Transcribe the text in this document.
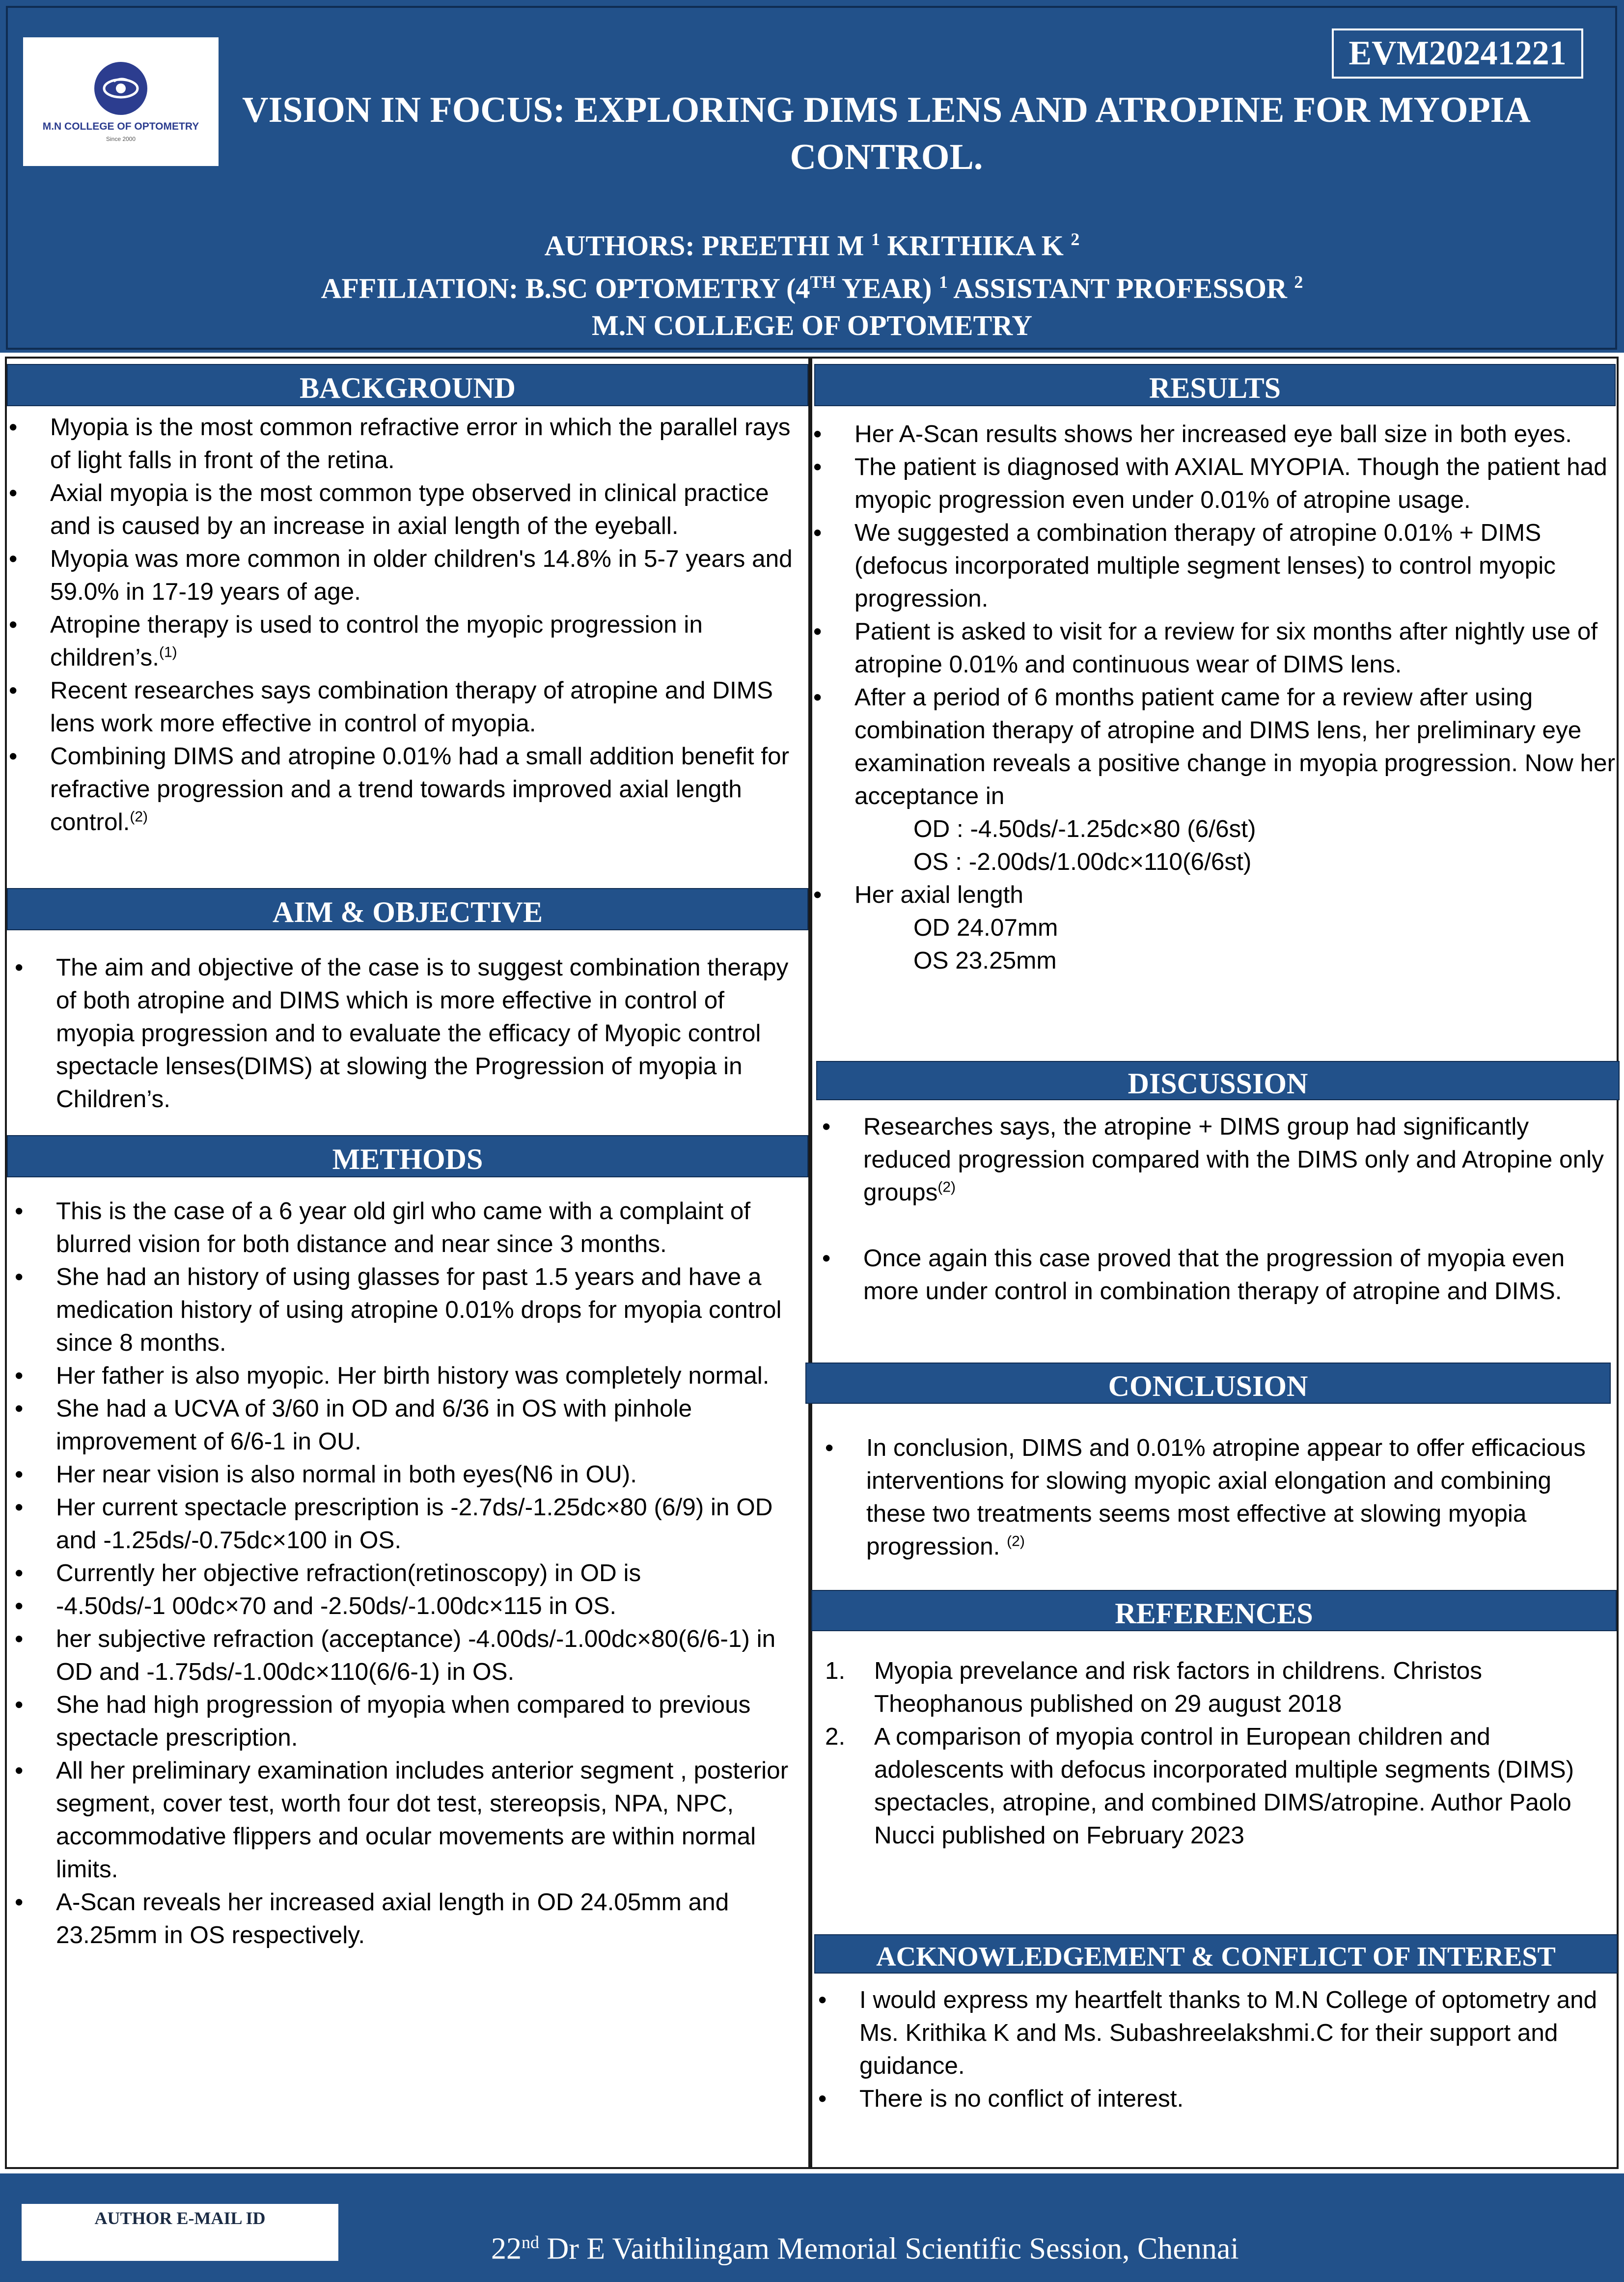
M.N COLLEGE OF OPTOMETRY
Since 2000
EVM20241221
VISION IN FOCUS: EXPLORING DIMS LENS AND ATROPINE FOR MYOPIA CONTROL.
AUTHORS: PREETHI M $^1$ KRITHIKA K $^2$
AFFILIATION: B.SC OPTOMETRY (4TH YEAR) $^1$ ASSISTANT PROFESSOR $^2$
M.N COLLEGE OF OPTOMETRY
BACKGROUND
• Myopia is the most common refractive error in which the parallel rays of light falls in front of the retina.
• Axial myopia is the most common type observed in clinical practice and is caused by an increase in axial length of the eyeball.
• Myopia was more common in older children's 14.8% in 5-7 years and 59.0% in 17-19 years of age.
• Atropine therapy is used to control the myopic progression in children’s.$^{(1)}$
• Recent researches says combination therapy of atropine and DIMS lens work more effective in control of myopia.
• Combining DIMS and atropine 0.01% had a small addition benefit for refractive progression and a trend towards improved axial length control.$^{(2)}$
AIM & OBJECTIVE
• The aim and objective of the case is to suggest combination therapy of both atropine and DIMS which is more effective in control of myopia progression and to evaluate the efficacy of Myopic control spectacle lenses(DIMS) at slowing the Progression of myopia in Children’s.
METHODS
• This is the case of a 6 year old girl who came with a complaint of blurred vision for both distance and near since 3 months.
• She had an history of using glasses for past 1.5 years and have a medication history of using atropine 0.01% drops for myopia control since 8 months.
• Her father is also myopic. Her birth history was completely normal.
• She had a UCVA of 3/60 in OD and 6/36 in OS with pinhole improvement of 6/6-1 in OU.
• Her near vision is also normal in both eyes(N6 in OU).
• Her current spectacle prescription is -2.7ds/-1.25dc×80 (6/9) in OD and -1.25ds/-0.75dc×100 in OS.
• Currently her objective refraction(retinoscopy) in OD is
• -4.50ds/-1 00dc×70 and -2.50ds/-1.00dc×115 in OS.
• her subjective refraction (acceptance) -4.00ds/-1.00dc×80(6/6-1) in OD and -1.75ds/-1.00dc×110(6/6-1) in OS.
• She had high progression of myopia when compared to previous spectacle prescription.
• All her preliminary examination includes anterior segment , posterior segment, cover test, worth four dot test, stereopsis, NPA, NPC, accommodative flippers and ocular movements are within normal limits.
• A-Scan reveals her increased axial length in OD 24.05mm and 23.25mm in OS respectively.
RESULTS
• Her A-Scan results shows her increased eye ball size in both eyes.
• The patient is diagnosed with AXIAL MYOPIA. Though the patient had myopic progression even under 0.01% of atropine usage.
• We suggested a combination therapy of atropine 0.01% + DIMS (defocus incorporated multiple segment lenses) to control myopic progression.
• Patient is asked to visit for a review for six months after nightly use of atropine 0.01% and continuous wear of DIMS lens.
• After a period of 6 months patient came for a review after using combination therapy of atropine and DIMS lens, her preliminary eye examination reveals a positive change in myopia progression. Now her acceptance in
OD : -4.50ds/-1.25dc×80 (6/6st)
OS : -2.00ds/1.00dc×110(6/6st)
• Her axial length
OD 24.07mm
OS 23.25mm
DISCUSSION
• Researches says, the atropine + DIMS group had significantly reduced progression compared with the DIMS only and Atropine only groups$^{(2)}$

• Once again this case proved that the progression of myopia even more under control in combination therapy of atropine and DIMS.
CONCLUSION
• In conclusion, DIMS and 0.01% atropine appear to offer efficacious interventions for slowing myopic axial elongation and combining these two treatments seems most effective at slowing myopia progression. $^{(2)}$
REFERENCES
1. Myopia prevelance and risk factors in childrens. Christos Theophanous published on 29 august 2018
2. A comparison of myopia control in European children and adolescents with defocus incorporated multiple segments (DIMS) spectacles, atropine, and combined DIMS/atropine. Author Paolo Nucci published on February 2023
ACKNOWLEDGEMENT & CONFLICT OF INTEREST
• I would express my heartfelt thanks to M.N College of optometry and Ms. Krithika K and Ms. Subashreelakshmi.C for their support and guidance.
• There is no conflict of interest.
AUTHOR E-MAIL ID
22nd Dr E Vaithilingam Memorial Scientific Session, Chennai
